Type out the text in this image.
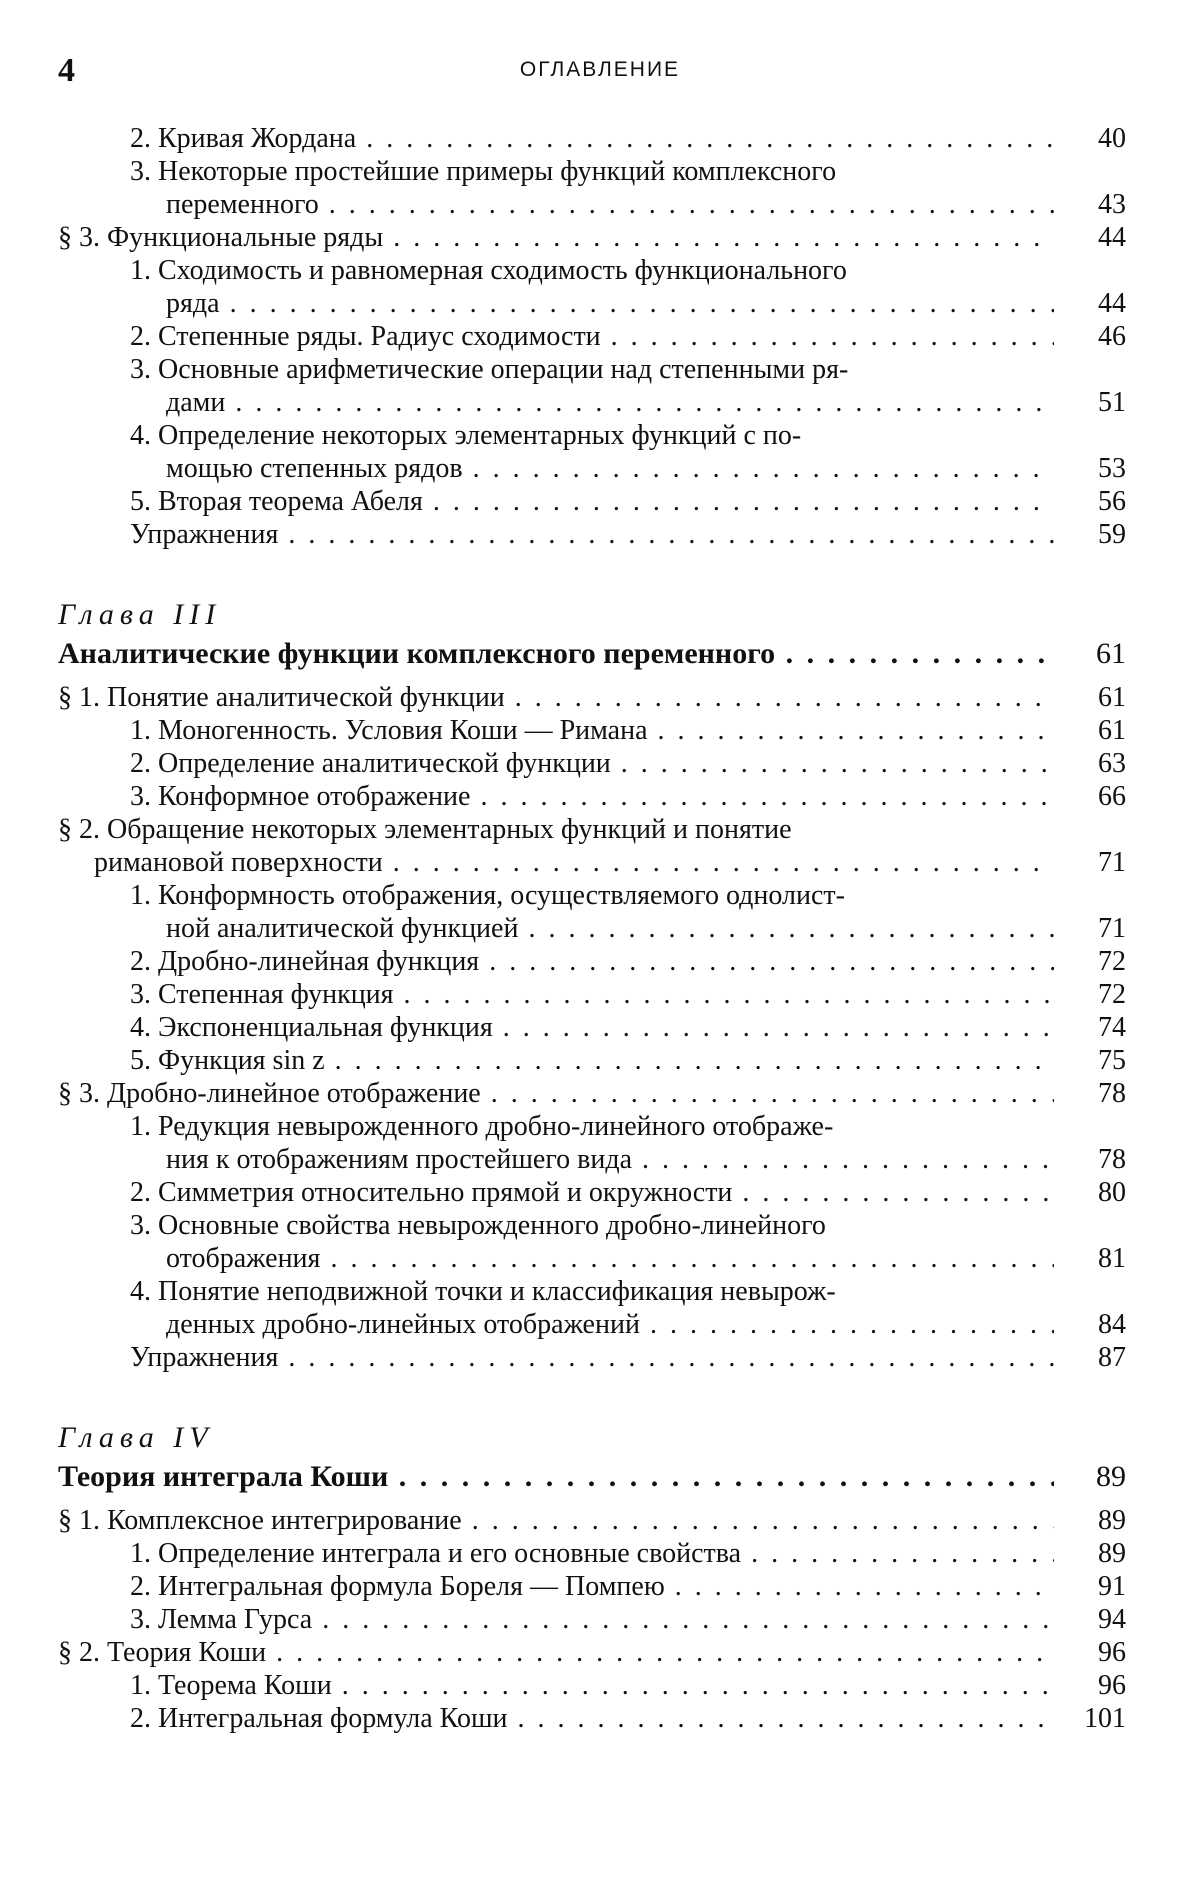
4	ОГЛАВЛЕНИЕ
2. Кривая Жордана . . .	40
3. Некоторые простейшие примеры функций комплексного
переменного . . .	43
§ 3. Функциональные ряды . . .	44
1. Сходимость и равномерная сходимость функционального
ряда . . .	44
2. Степенные ряды. Радиус сходимости . . .	46
3. Основные арифметические операции над степенными ря-
дами . . .	51
4. Определение некоторых элементарных функций с по-
мощью степенных рядов . . .	53
5. Вторая теорема Абеля . . .	56
Упражнения . . .	59
Глава III
Аналитические функции комплексного переменного . . .	61
§ 1. Понятие аналитической функции . . .	61
1. Моногенность. Условия Коши — Римана . . .	61
2. Определение аналитической функции . . .	63
3. Конформное отображение . . .	66
§ 2. Обращение некоторых элементарных функций и понятие
римановой поверхности . . .	71
1. Конформность отображения, осуществляемого однолист-
ной аналитической функцией . . .	71
2. Дробно-линейная функция . . .	72
3. Степенная функция . . .	72
4. Экспоненциальная функция . . .	74
5. Функция sin z . . .	75
§ 3. Дробно-линейное отображение . . .	78
1. Редукция невырожденного дробно-линейного отображе-
ния к отображениям простейшего вида . . .	78
2. Симметрия относительно прямой и окружности . . .	80
3. Основные свойства невырожденного дробно-линейного
отображения . . .	81
4. Понятие неподвижной точки и классификация невырож-
денных дробно-линейных отображений . . .	84
Упражнения . . .	87
Глава IV
Теория интеграла Коши . . .	89
§ 1. Комплексное интегрирование . . .	89
1. Определение интеграла и его основные свойства . . .	89
2. Интегральная формула Бореля — Помпею . . .	91
3. Лемма Гурса . . .	94
§ 2. Теория Коши . . .	96
1. Теорема Коши . . .	96
2. Интегральная формула Коши . . .	101
